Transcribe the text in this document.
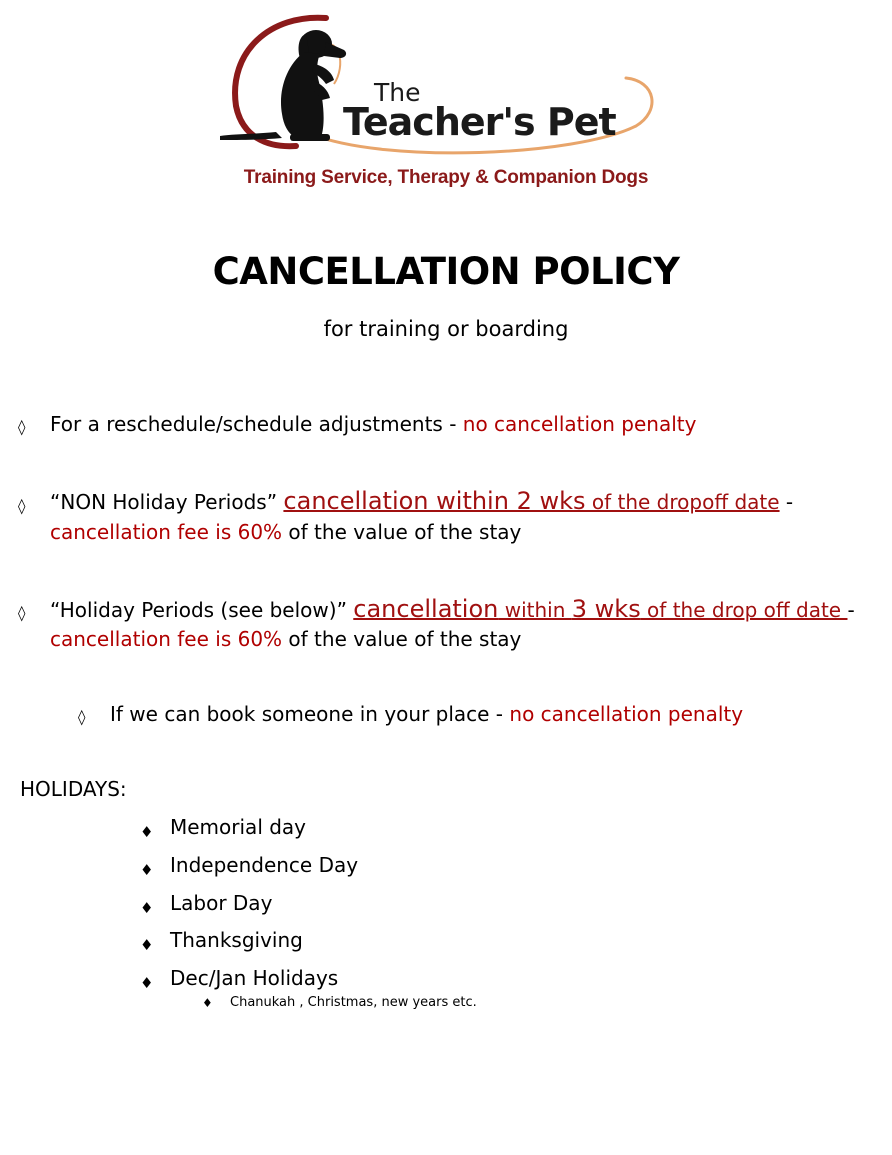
The
Teacher's Pet
Training Service, Therapy & Companion Dogs
CANCELLATION POLICY
for training or boarding
◊ For a reschedule/schedule adjustments - no cancellation penalty
◊ “NON Holiday Periods” cancellation within 2 wks of the dropoff date -
cancellation fee is 60% of the value of the stay
◊ “Holiday Periods (see below)” cancellation within 3 wks of the drop off date -
cancellation fee is 60% of the value of the stay
◊ If we can book someone in your place - no cancellation penalty
HOLIDAYS:
♦ Memorial day
♦ Independence Day
♦ Labor Day
♦ Thanksgiving
♦ Dec/Jan Holidays
♦ Chanukah , Christmas, new years etc.
